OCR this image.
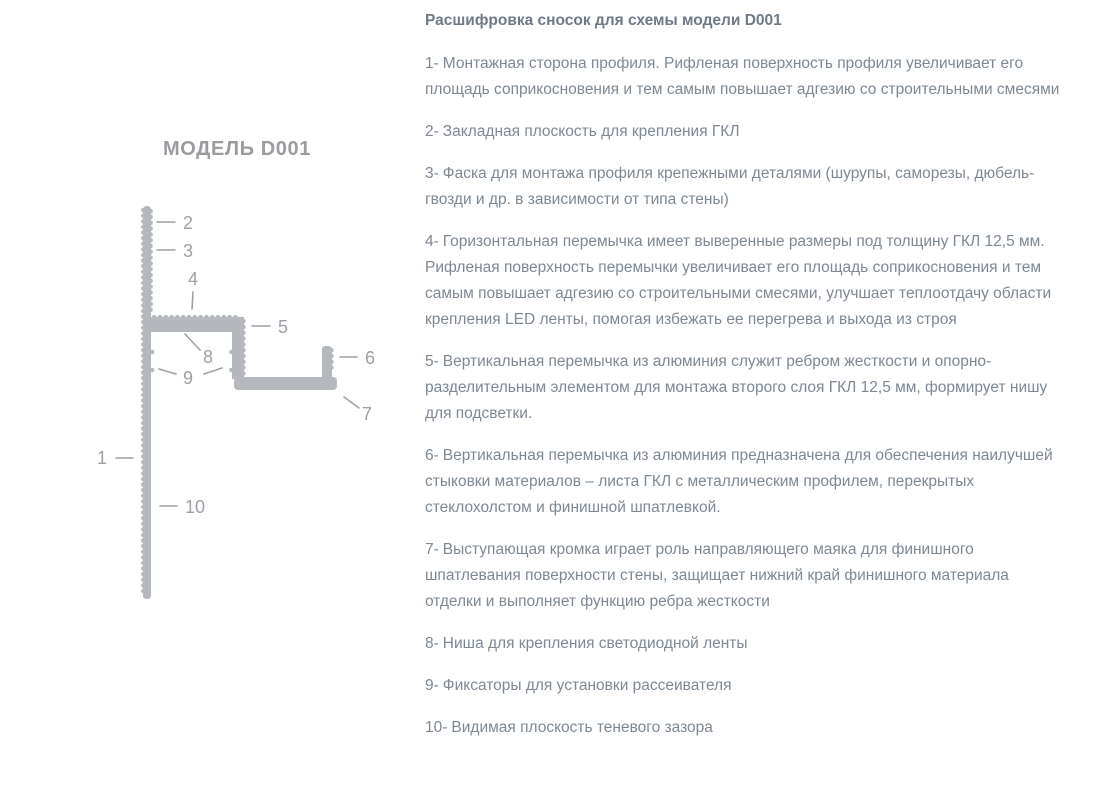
МОДЕЛЬ D001
2
3
4
5
6
7
8
9
1
10
Расшифровка сносок для схемы модели D001

1- Монтажная сторона профиля. Рифленая поверхность профиля увеличивает его площадь соприкосновения и тем самым повышает адгезию со строительными смесями

2- Закладная плоскость для крепления ГКЛ

3- Фаска для монтажа профиля крепежными деталями (шурупы, саморезы, дюбель-гвозди и др. в зависимости от типа стены)

4- Горизонтальная перемычка имеет выверенные размеры под толщину ГКЛ 12,5 мм. Рифленая поверхность перемычки увеличивает его площадь соприкосновения и тем самым повышает адгезию со строительными смесями, улучшает теплоотдачу области крепления LED ленты, помогая избежать ее перегрева и выхода из строя

5- Вертикальная перемычка из алюминия служит ребром жесткости и опорно-разделительным элементом для монтажа второго слоя ГКЛ 12,5 мм, формирует нишу для подсветки.

6- Вертикальная перемычка из алюминия предназначена для обеспечения наилучшей стыковки материалов – листа ГКЛ с металлическим профилем, перекрытых стеклохолстом и финишной шпатлевкой.

7- Выступающая кромка играет роль направляющего маяка для финишного шпатлевания поверхности стены, защищает нижний край финишного материала отделки и выполняет функцию ребра жесткости

8- Ниша для крепления светодиодной ленты

9- Фиксаторы для установки рассеивателя

10- Видимая плоскость теневого зазора
